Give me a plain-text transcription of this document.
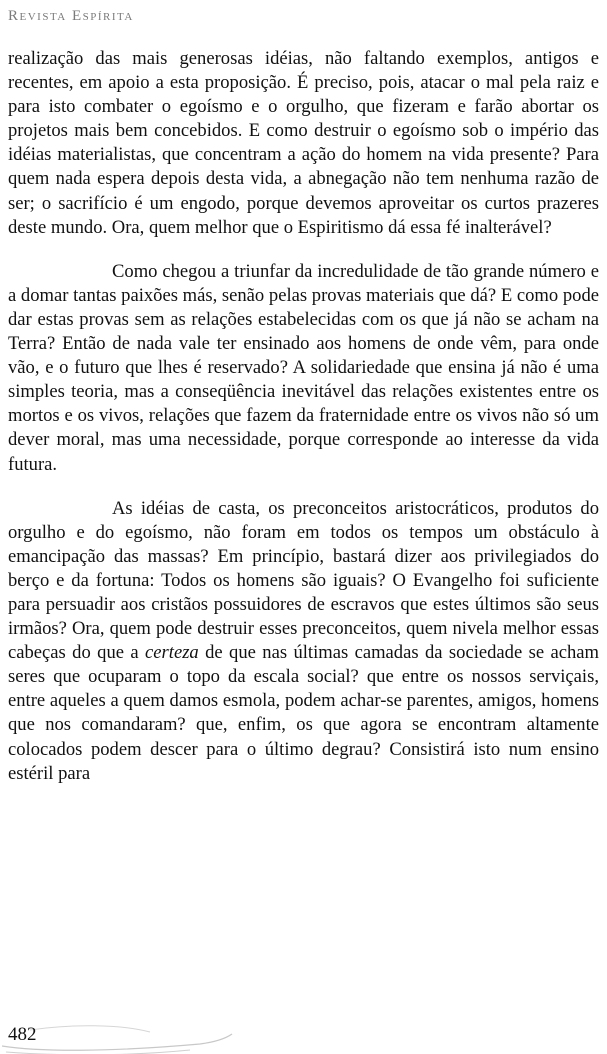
Revista Espírita

realização das mais generosas idéias, não faltando exemplos, antigos e recentes, em apoio a esta proposição. É preciso, pois, atacar o mal pela raiz e para isto combater o egoísmo e o orgulho, que fizeram e farão abortar os projetos mais bem concebidos. E como destruir o egoísmo sob o império das idéias materialistas, que concentram a ação do homem na vida presente? Para quem nada espera depois desta vida, a abnegação não tem nenhuma razão de ser; o sacrifício é um engodo, porque devemos aproveitar os curtos prazeres deste mundo. Ora, quem melhor que o Espiritismo dá essa fé inalterável?

Como chegou a triunfar da incredulidade de tão grande número e a domar tantas paixões más, senão pelas provas materiais que dá? E como pode dar estas provas sem as relações estabelecidas com os que já não se acham na Terra? Então de nada vale ter ensinado aos homens de onde vêm, para onde vão, e o futuro que lhes é reservado? A solidariedade que ensina já não é uma simples teoria, mas a conseqüência inevitável das relações existentes entre os mortos e os vivos, relações que fazem da fraternidade entre os vivos não só um dever moral, mas uma necessidade, porque corresponde ao interesse da vida futura.

As idéias de casta, os preconceitos aristocráticos, produtos do orgulho e do egoísmo, não foram em todos os tempos um obstáculo à emancipação das massas? Em princípio, bastará dizer aos privilegiados do berço e da fortuna: Todos os homens são iguais? O Evangelho foi suficiente para persuadir aos cristãos possuidores de escravos que estes últimos são seus irmãos? Ora, quem pode destruir esses preconceitos, quem nivela melhor essas cabeças do que a certeza de que nas últimas camadas da sociedade se acham seres que ocuparam o topo da escala social? que entre os nossos serviçais, entre aqueles a quem damos esmola, podem achar-se parentes, amigos, homens que nos comandaram? que, enfim, os que agora se encontram altamente colocados podem descer para o último degrau? Consistirá isto num ensino estéril para

482
